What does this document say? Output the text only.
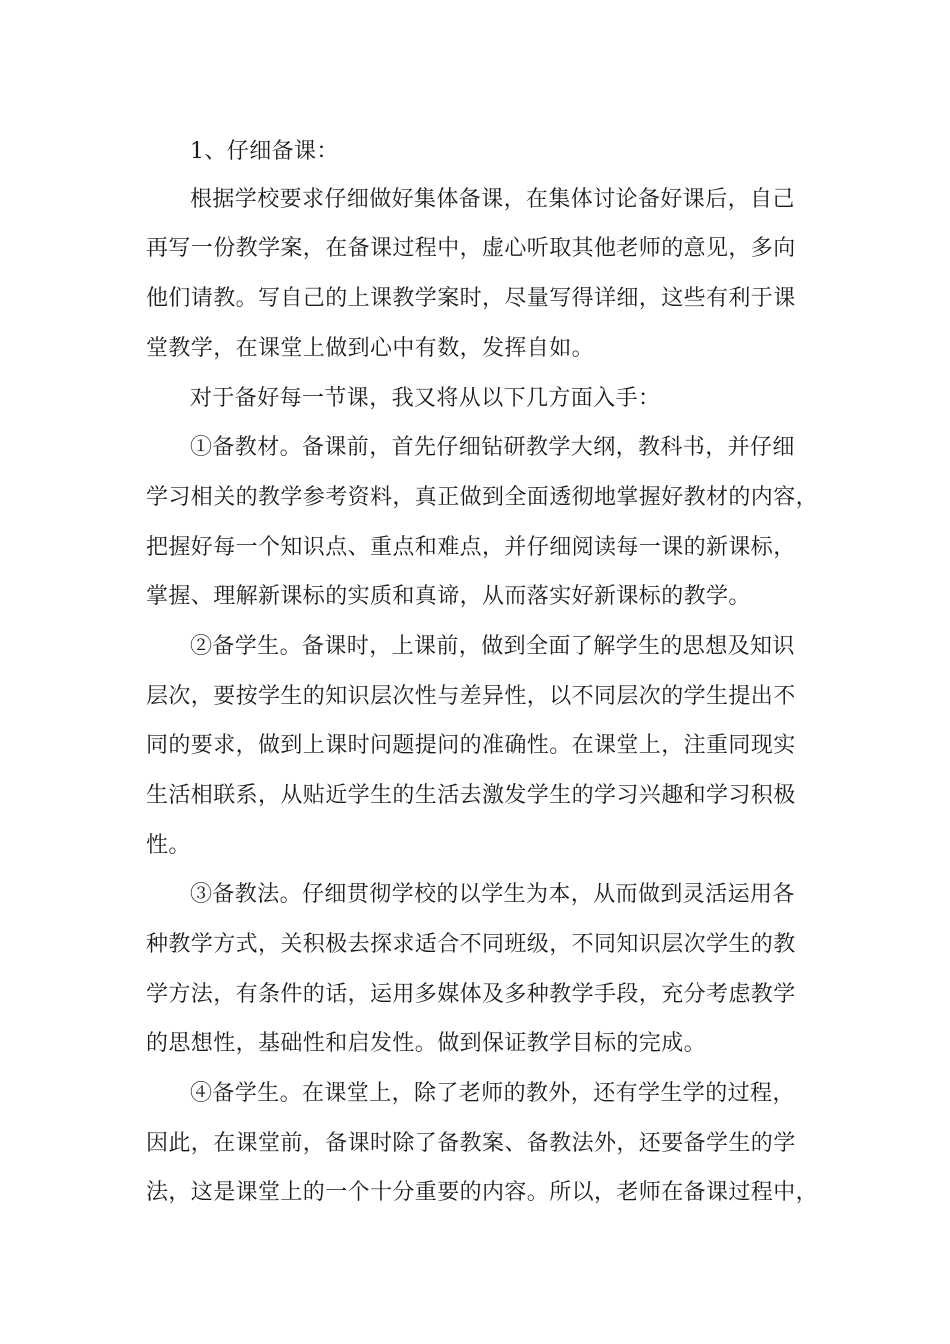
1、仔细备课：
根据学校要求仔细做好集体备课，在集体讨论备好课后，自己
再写一份教学案，在备课过程中，虚心听取其他老师的意见，多向
他们请教。写自己的上课教学案时，尽量写得详细，这些有利于课
堂教学，在课堂上做到心中有数，发挥自如。
对于备好每一节课，我又将从以下几方面入手：
①备教材。备课前，首先仔细钻研教学大纲，教科书，并仔细
学习相关的教学参考资料，真正做到全面透彻地掌握好教材的内容，
把握好每一个知识点、重点和难点，并仔细阅读每一课的新课标，
掌握、理解新课标的实质和真谛，从而落实好新课标的教学。
②备学生。备课时，上课前，做到全面了解学生的思想及知识
层次，要按学生的知识层次性与差异性，以不同层次的学生提出不
同的要求，做到上课时问题提问的准确性。在课堂上，注重同现实
生活相联系，从贴近学生的生活去激发学生的学习兴趣和学习积极
性。
③备教法。仔细贯彻学校的以学生为本，从而做到灵活运用各
种教学方式，关积极去探求适合不同班级，不同知识层次学生的教
学方法，有条件的话，运用多媒体及多种教学手段，充分考虑教学
的思想性，基础性和启发性。做到保证教学目标的完成。
④备学生。在课堂上，除了老师的教外，还有学生学的过程，
因此，在课堂前，备课时除了备教案、备教法外，还要备学生的学
法，这是课堂上的一个十分重要的内容。所以，老师在备课过程中，
